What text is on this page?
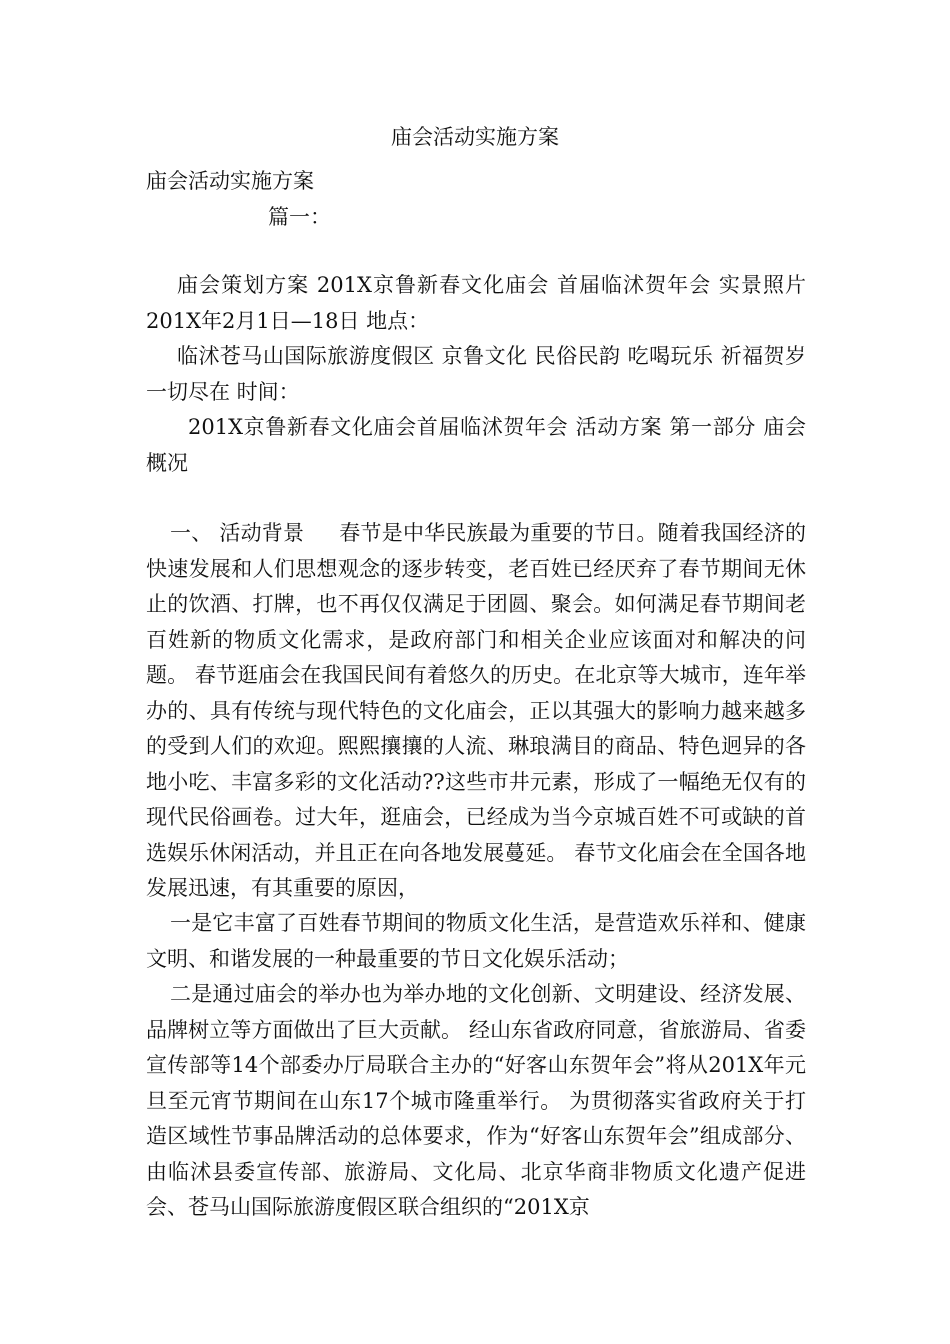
庙会活动实施方案
庙会活动实施方案
篇一：
庙会策划方案 201X京鲁新春文化庙会 首届临沭贺年会 实景照片 201X年2月1日—18日 地点：
临沭苍马山国际旅游度假区 京鲁文化 民俗民韵 吃喝玩乐 祈福贺岁 一切尽在 时间：
201X京鲁新春文化庙会首届临沭贺年会 活动方案 第一部分 庙会概况
一、 活动背景 　 春节是中华民族最为重要的节日。随着我国经济的快速发展和人们思想观念的逐步转变，老百姓已经厌弃了春节期间无休止的饮酒、打牌，也不再仅仅满足于团圆、聚会。如何满足春节期间老百姓新的物质文化需求，是政府部门和相关企业应该面对和解决的问题。 春节逛庙会在我国民间有着悠久的历史。在北京等大城市，连年举办的、具有传统与现代特色的文化庙会，正以其强大的影响力越来越多的受到人们的欢迎。熙熙攘攘的人流、琳琅满目的商品、特色迥异的各地小吃、丰富多彩的文化活动??这些市井元素，形成了一幅绝无仅有的现代民俗画卷。过大年，逛庙会，已经成为当今京城百姓不可或缺的首选娱乐休闲活动，并且正在向各地发展蔓延。 春节文化庙会在全国各地发展迅速，有其重要的原因，
一是它丰富了百姓春节期间的物质文化生活，是营造欢乐祥和、健康文明、和谐发展的一种最重要的节日文化娱乐活动；
二是通过庙会的举办也为举办地的文化创新、文明建设、经济发展、品牌树立等方面做出了巨大贡献。 经山东省政府同意，省旅游局、省委宣传部等14个部委办厅局联合主办的“好客山东贺年会”将从201X年元旦至元宵节期间在山东17个城市隆重举行。 为贯彻落实省政府关于打造区域性节事品牌活动的总体要求，作为“好客山东贺年会”组成部分、由临沭县委宣传部、旅游局、文化局、北京华商非物质文化遗产促进会、苍马山国际旅游度假区联合组织的“201X京
